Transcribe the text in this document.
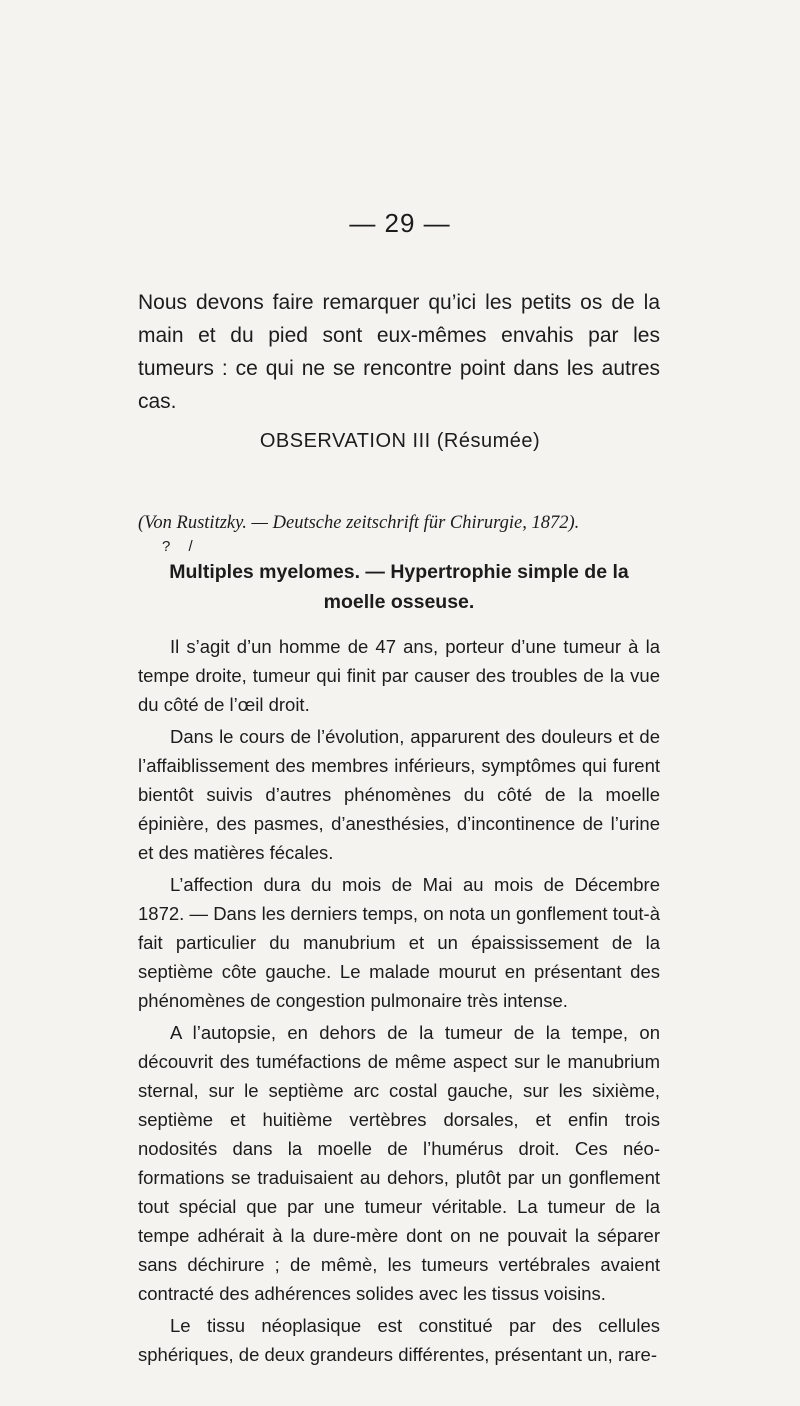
— 29 —
Nous devons faire remarquer qu’ici les petits os de la main et du pied sont eux-mêmes envahis par les tumeurs : ce qui ne se rencontre point dans les autres cas.
OBSERVATION III (Résumée)
(Von Rustitzky. — Deutsche zeitschrift für Chirurgie, 1872).
? /
Multiples myelomes. — Hypertrophie simple de la moelle osseuse.

Il s’agit d’un homme de 47 ans, porteur d’une tumeur à la tempe droite, tumeur qui finit par causer des troubles de la vue du côté de l’œil droit.

Dans le cours de l’évolution, apparurent des douleurs et de l’affaiblissement des membres inférieurs, symptômes qui furent bientôt suivis d’autres phénomènes du côté de la moelle épinière, des pasmes, d’anesthésies, d’incontinence de l’urine et des matières fécales.

L’affection dura du mois de Mai au mois de Décembre 1872. — Dans les derniers temps, on nota un gonflement tout-à fait particulier du manubrium et un épaississement de la septième côte gauche. Le malade mourut en présentant des phénomènes de congestion pulmonaire très intense.

A l’autopsie, en dehors de la tumeur de la tempe, on découvrit des tuméfactions de même aspect sur le manubrium sternal, sur le septième arc costal gauche, sur les sixième, septième et huitième vertèbres dorsales, et enfin trois nodosités dans la moelle de l’humérus droit. Ces néo-formations se traduisaient au dehors, plutôt par un gonflement tout spécial que par une tumeur véritable. La tumeur de la tempe adhérait à la dure-mère dont on ne pouvait la séparer sans déchirure ; de mêmè, les tumeurs vertébrales avaient contracté des adhérences solides avec les tissus voisins.

Le tissu néoplasique est constitué par des cellules sphériques, de deux grandeurs différentes, présentant un, rare-
